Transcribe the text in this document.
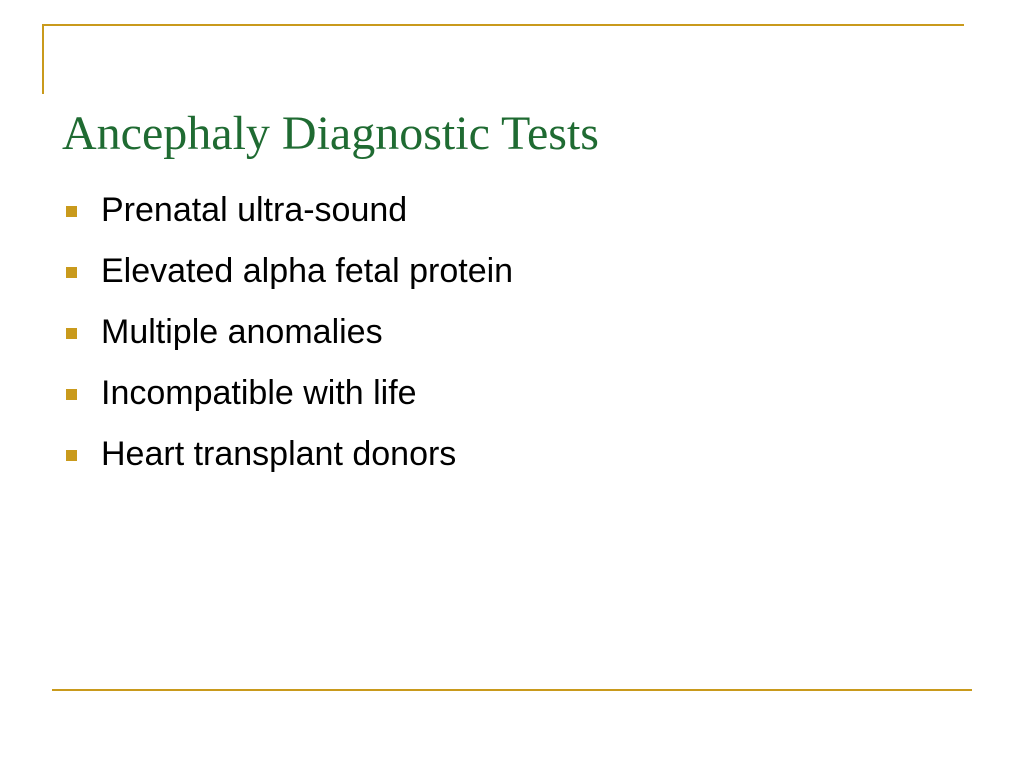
Ancephaly Diagnostic Tests
Prenatal ultra-sound
Elevated alpha fetal protein
Multiple anomalies
Incompatible with life
Heart transplant donors
